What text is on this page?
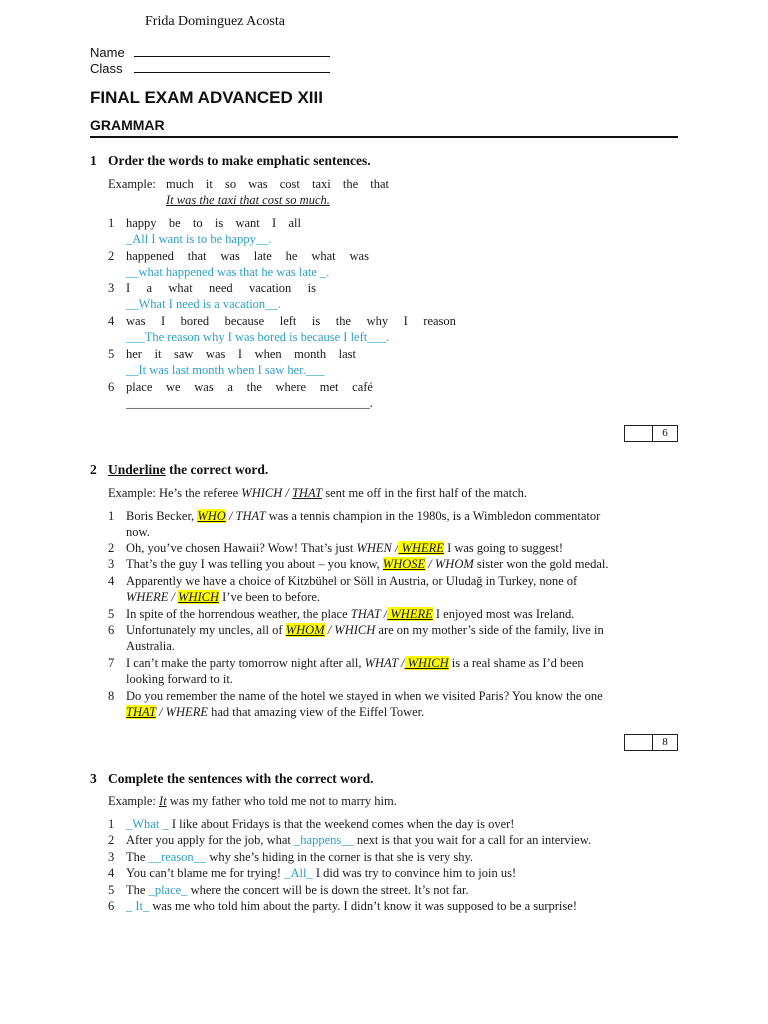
Frida Dominguez Acosta
Name
Class
FINAL EXAM ADVANCED XIII
GRAMMAR
1 Order the words to make emphatic sentences.
Example: much it so was cost taxi the that
It was the taxi that cost so much.
1 happy be to is want I all
_All I want is to be happy__.
2 happened that was late he what was
__what happened was that he was late _.
3 I a what need vacation is
__What I need is a vacation__.
4 was I bored because left is the why I reason
___The reason why I was bored is because I left___.
5 her it saw was I when month last
__It was last month when I saw her.___
6 place we was a the where met café
_______________________________________.
6
2 Underline the correct word.
Example: He’s the referee WHICH / THAT sent me off in the first half of the match.
1 Boris Becker, WHO / THAT was a tennis champion in the 1980s, is a Wimbledon commentator
now.
2 Oh, you’ve chosen Hawaii? Wow! That’s just WHEN / WHERE I was going to suggest!
3 That’s the guy I was telling you about – you know, WHOSE / WHOM sister won the gold medal.
4 Apparently we have a choice of Kitzbühel or Söll in Austria, or Uludağ in Turkey, none of
WHERE / WHICH I’ve been to before.
5 In spite of the horrendous weather, the place THAT / WHERE I enjoyed most was Ireland.
6 Unfortunately my uncles, all of WHOM / WHICH are on my mother’s side of the family, live in
Australia.
7 I can’t make the party tomorrow night after all, WHAT / WHICH is a real shame as I’d been
looking forward to it.
8 Do you remember the name of the hotel we stayed in when we visited Paris? You know the one
THAT / WHERE had that amazing view of the Eiffel Tower.
8
3 Complete the sentences with the correct word.
Example: It was my father who told me not to marry him.
1 _What _ I like about Fridays is that the weekend comes when the day is over!
2 After you apply for the job, what _happens__ next is that you wait for a call for an interview.
3 The __reason__ why she’s hiding in the corner is that she is very shy.
4 You can’t blame me for trying! _All_ I did was try to convince him to join us!
5 The _place_ where the concert will be is down the street. It’s not far.
6 _ It_ was me who told him about the party. I didn’t know it was supposed to be a surprise!
